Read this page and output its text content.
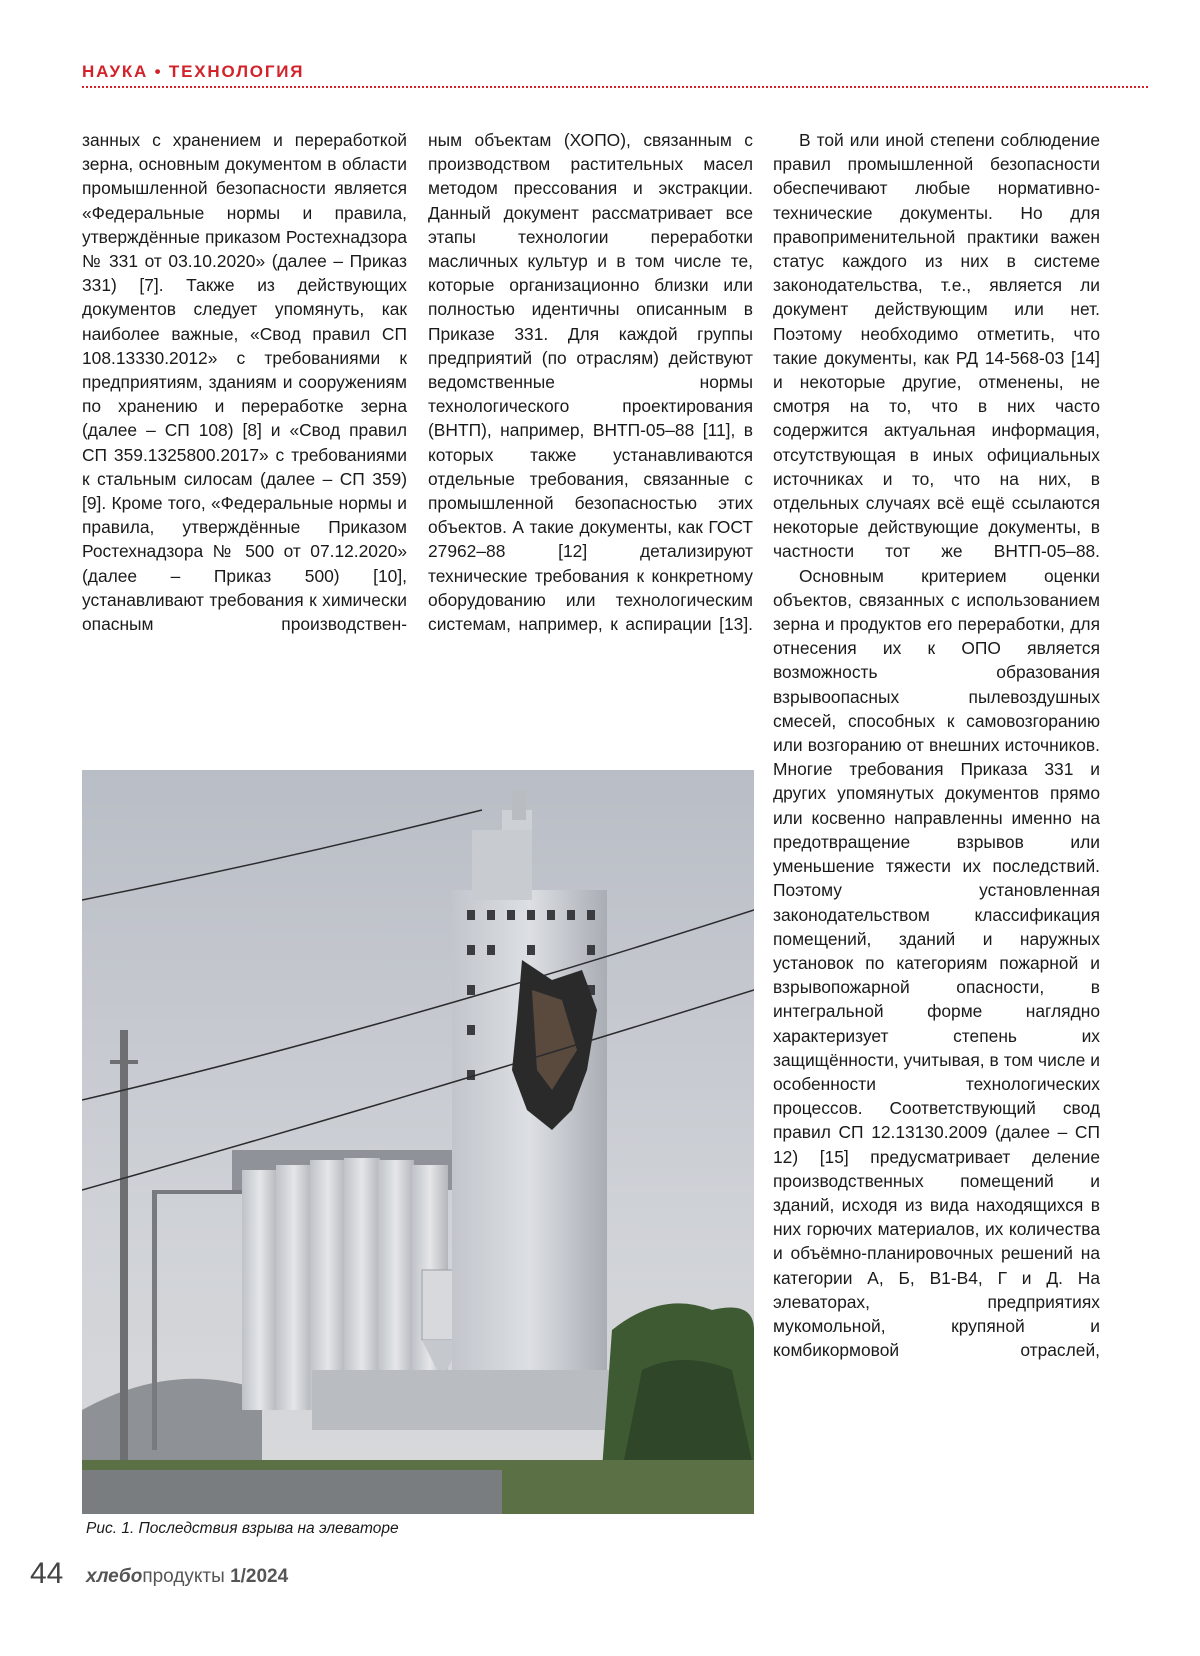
НАУКА • ТЕХНОЛОГИЯ

занных с хранением и переработкой зерна, основным документом в области промышленной безопасности является «Федеральные нормы и правила, утверждённые приказом Ростехнадзора № 331 от 03.10.2020» (далее – Приказ 331) [7]. Также из действующих документов следует упомянуть, как наиболее важные, «Свод правил СП 108.13330.2012» с требованиями к предприятиям, зданиям и сооружениям по хранению и переработке зерна (далее – СП 108) [8] и «Свод правил СП 359.1325800.2017» с требованиями к стальным силосам (далее – СП 359) [9]. Кроме того, «Федеральные нормы и правила, утверждённые Приказом Ростехнадзора № 500 от 07.12.2020» (далее – Приказ 500) [10], устанавливают требования к химически опасным производствен-

ным объектам (ХОПО), связанным с производством растительных масел методом прессования и экстракции. Данный документ рассматривает все этапы технологии переработки масличных культур и в том числе те, которые организационно близки или полностью идентичны описанным в Приказе 331. Для каждой группы предприятий (по отраслям) действуют ведомственные нормы технологического проектирования (ВНТП), например, ВНТП-05–88 [11], в которых также устанавливаются отдельные требования, связанные с промышленной безопасностью этих объектов. А такие документы, как ГОСТ 27962–88 [12] детализируют технические требования к конкретному оборудованию или технологическим системам, например, к аспирации [13].

В той или иной степени соблюдение правил промышленной безопасности обеспечивают любые нормативно-технические документы. Но для правоприменительной практики важен статус каждого из них в системе законодательства, т.е., является ли документ действующим или нет. Поэтому необходимо отметить, что такие документы, как РД 14-568-03 [14] и некоторые другие, отменены, не смотря на то, что в них часто содержится актуальная информация, отсутствующая в иных официальных источниках и то, что на них, в отдельных случаях всё ещё ссылаются некоторые действующие документы, в частности тот же ВНТП-05–88.

Основным критерием оценки объектов, связанных с использованием зерна и продуктов его переработки, для отнесения их к ОПО является возможность образования взрывоопасных пылевоздушных смесей, способных к самовозгоранию или возгоранию от внешних источников. Многие требования Приказа 331 и других упомянутых документов прямо или косвенно направленны именно на предотвращение взрывов или уменьшение тяжести их последствий. Поэтому установленная законодательством классификация помещений, зданий и наружных установок по категориям пожарной и взрывопожарной опасности, в интегральной форме наглядно характеризует степень их защищённости, учитывая, в том числе и особенности технологических процессов. Соответствующий свод правил СП 12.13130.2009 (далее – СП 12) [15] предусматривает деление производственных помещений и зданий, исходя из вида находящихся в них горючих материалов, их количества и объёмно-планировочных решений на категории А, Б, В1-В4, Г и Д. На элеваторах, предприятиях мукомольной, крупяной и комбикормовой отраслей,

Рис. 1. Последствия взрыва на элеваторе
44 хлебопродукты 1/2024
